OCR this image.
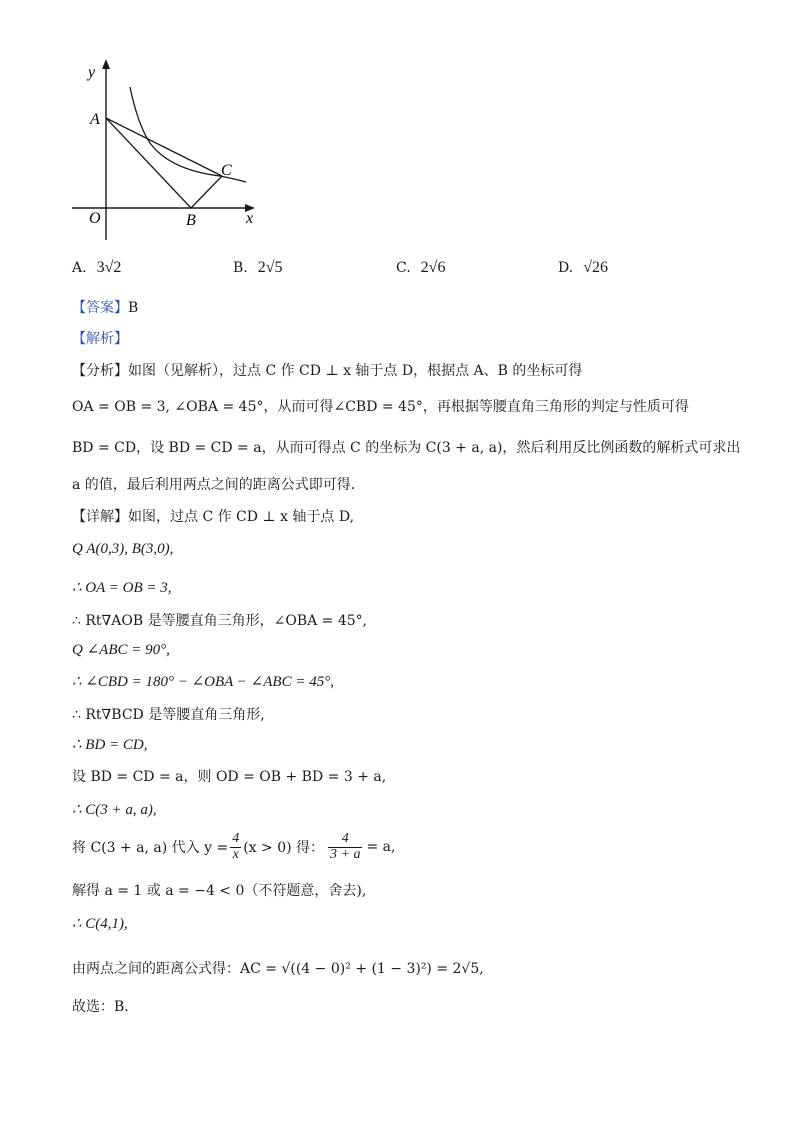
y
A
C
O	B	x
A. 3√2	B. 2√5	C. 2√6	D. √26
【答案】B
【解析】
【分析】如图（见解析），过点 C 作 CD ⊥ x 轴于点 D，根据点 A、B 的坐标可得
OA = OB = 3, ∠OBA = 45°，从而可得∠CBD = 45°，再根据等腰直角三角形的判定与性质可得
BD = CD，设 BD = CD = a，从而可得点 C 的坐标为 C(3 + a, a)，然后利用反比例函数的解析式可求出
a 的值，最后利用两点之间的距离公式即可得．
【详解】如图，过点 C 作 CD ⊥ x 轴于点 D,
Q A(0,3), B(3,0),
∴ OA = OB = 3,
∴ Rt∇AOB 是等腰直角三角形，∠OBA = 45°,
Q ∠ABC = 90°,
∴ ∠CBD = 180° − ∠OBA − ∠ABC = 45°,
∴ Rt∇BCD 是等腰直角三角形,
∴ BD = CD,
设 BD = CD = a，则 OD = OB + BD = 3 + a,
∴ C(3 + a, a),
将 C(3 + a, a) 代入 $y = \frac{4}{x} (x > 0)$ 得： $\frac{4}{3 + a} = a$,
解得 a = 1 或 a = −4 < 0（不符题意，舍去),
∴ C(4,1),
由两点之间的距离公式得：AC = √((4 − 0)² + (1 − 3)²) = 2√5,
故选：B．
